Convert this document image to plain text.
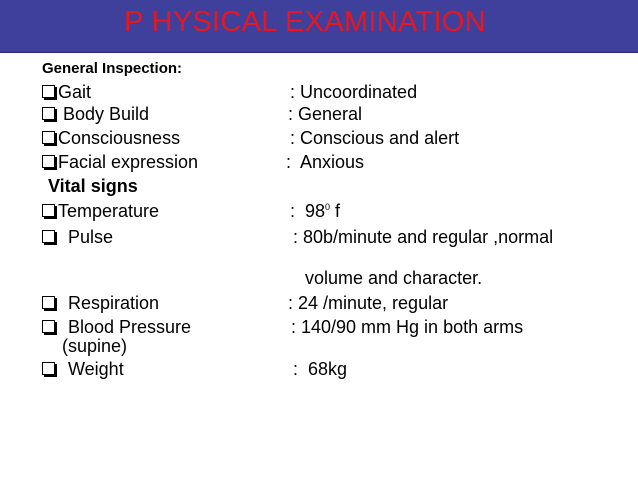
P HYSICAL EXAMINATION
General Inspection:
Gait	: Uncoordinated
Body Build	: General
Consciousness	: Conscious and alert
Facial expression	:  Anxious
Vital signs
Temperature	:  $98^0$ f
Pulse	: 80b/minute and regular ,normal
volume and character.
Respiration	: 24 /minute, regular
Blood Pressure	: 140/90 mm Hg in both arms
(supine)
Weight	:  68kg
